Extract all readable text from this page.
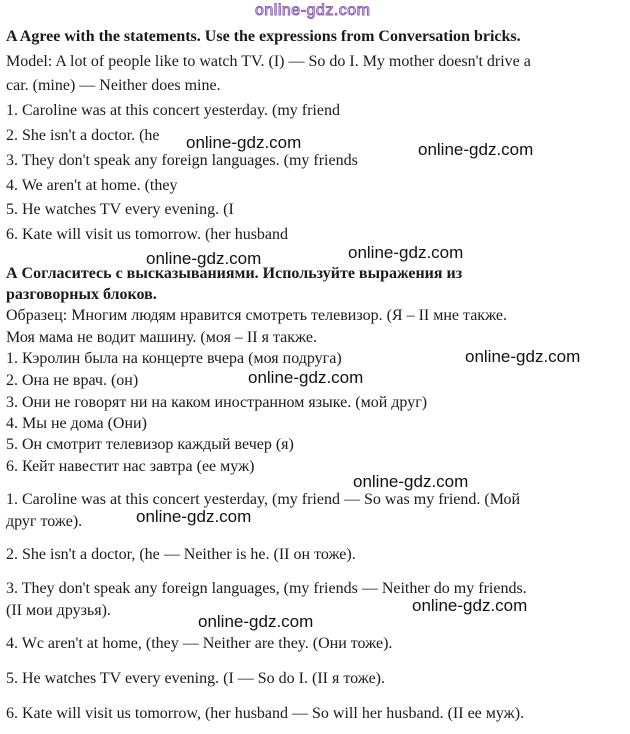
online-gdz.com
A Agree with the statements. Use the expressions from Conversation bricks.
Model: A lot of people like to watch TV. (I) — So do I. My mother doesn't drive a
car. (mine) — Neither does mine.
1. Caroline was at this concert yesterday. (my friend
2. She isn't a doctor. (he
3. They don't speak any foreign languages. (my friends
4. We aren't at home. (they
5. He watches TV every evening. (I
6. Kate will visit us tomorrow. (her husband
А Согласитесь с высказываниями. Используйте выражения из
разговорных блоков.
Образец: Многим людям нравится смотреть телевизор. (Я – II мне также.
Моя мама не водит машину. (моя – II я также.
1. Кэролин была на концерте вчера (моя подруга)
2. Она не врач. (он)
3. Они не говорят ни на каком иностранном языке. (мой друг)
4. Мы не дома (Они)
5. Он смотрит телевизор каждый вечер (я)
6. Кейт навестит нас завтра (ее муж)
1. Caroline was at this concert yesterday, (my friend — So was my friend. (Мой
друг тоже).
2. She isn't a doctor, (he — Neither is he. (II он тоже).
3. They don't speak any foreign languages, (my friends — Neither do my friends.
(II мои друзья).
4. Wc aren't at home, (they — Neither are they. (Они тоже).
5. He watches TV every evening. (I — So do I. (II я тоже).
6. Kate will visit us tomorrow, (her husband — So will her husband. (II ее муж).
online-gdz.com	online-gdz.com
online-gdz.com	online-gdz.com
online-gdz.com
online-gdz.com
online-gdz.com
online-gdz.com
online-gdz.com
online-gdz.com
